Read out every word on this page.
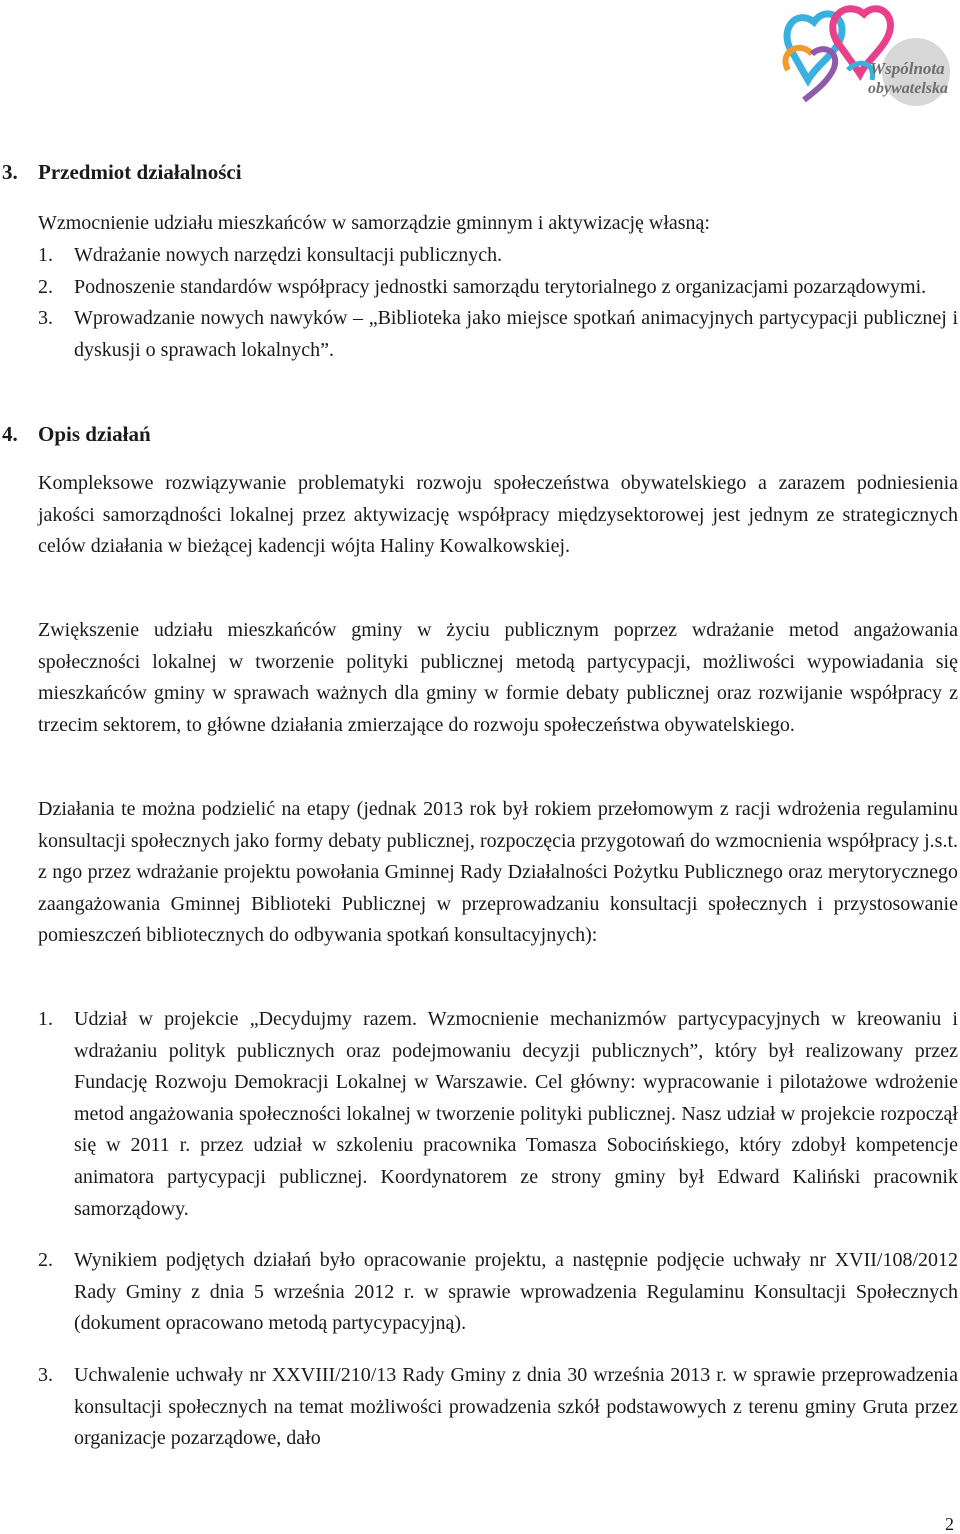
Wspólnota
obywatelska
3. Przedmiot działalności
Wzmocnienie udziału mieszkańców w samorządzie gminnym i aktywizację własną:
1. Wdrażanie nowych narzędzi konsultacji publicznych.
2. Podnoszenie standardów współpracy jednostki samorządu terytorialnego z organizacjami pozarządowymi.
3. Wprowadzanie nowych nawyków – „Biblioteka jako miejsce spotkań animacyjnych partycypacji publicznej i dyskusji o sprawach lokalnych”.
4. Opis działań
Kompleksowe rozwiązywanie problematyki rozwoju społeczeństwa obywatelskiego a zarazem podniesienia jakości samorządności lokalnej przez aktywizację współpracy międzysektorowej jest jednym ze strategicznych celów działania w bieżącej kadencji wójta Haliny Kowalkowskiej.
Zwiększenie udziału mieszkańców gminy w życiu publicznym poprzez wdrażanie metod angażowania społeczności lokalnej w tworzenie polityki publicznej metodą partycypacji, możliwości wypowiadania się mieszkańców gminy w sprawach ważnych dla gminy w formie debaty publicznej oraz rozwijanie współpracy z trzecim sektorem, to główne działania zmierzające do rozwoju społeczeństwa obywatelskiego.
Działania te można podzielić na etapy (jednak 2013 rok był rokiem przełomowym z racji wdrożenia regulaminu konsultacji społecznych jako formy debaty publicznej, rozpoczęcia przygotowań do wzmocnienia współpracy j.s.t. z ngo przez wdrażanie projektu powołania Gminnej Rady Działalności Pożytku Publicznego oraz merytorycznego zaangażowania Gminnej Biblioteki Publicznej w przeprowadzaniu konsultacji społecznych i przystosowanie pomieszczeń bibliotecznych do odbywania spotkań konsultacyjnych):
1. Udział w projekcie „Decydujmy razem. Wzmocnienie mechanizmów partycypacyjnych w kreowaniu i wdrażaniu polityk publicznych oraz podejmowaniu decyzji publicznych”, który był realizowany przez Fundację Rozwoju Demokracji Lokalnej w Warszawie. Cel główny: wypracowanie i pilotażowe wdrożenie metod angażowania społeczności lokalnej w tworzenie polityki publicznej. Nasz udział w projekcie rozpoczął się w 2011 r. przez udział w szkoleniu pracownika Tomasza Sobocińskiego, który zdobył kompetencje animatora partycypacji publicznej. Koordynatorem ze strony gminy był Edward Kaliński pracownik samorządowy.
2. Wynikiem podjętych działań było opracowanie projektu, a następnie podjęcie uchwały nr XVII/108/2012 Rady Gminy z dnia 5 września 2012 r. w sprawie wprowadzenia Regulaminu Konsultacji Społecznych (dokument opracowano metodą partycypacyjną).
3. Uchwalenie uchwały nr XXVIII/210/13 Rady Gminy z dnia 30 września 2013 r. w sprawie przeprowadzenia konsultacji społecznych na temat możliwości prowadzenia szkół podstawowych z terenu gminy Gruta przez organizacje pozarządowe, dało
2
